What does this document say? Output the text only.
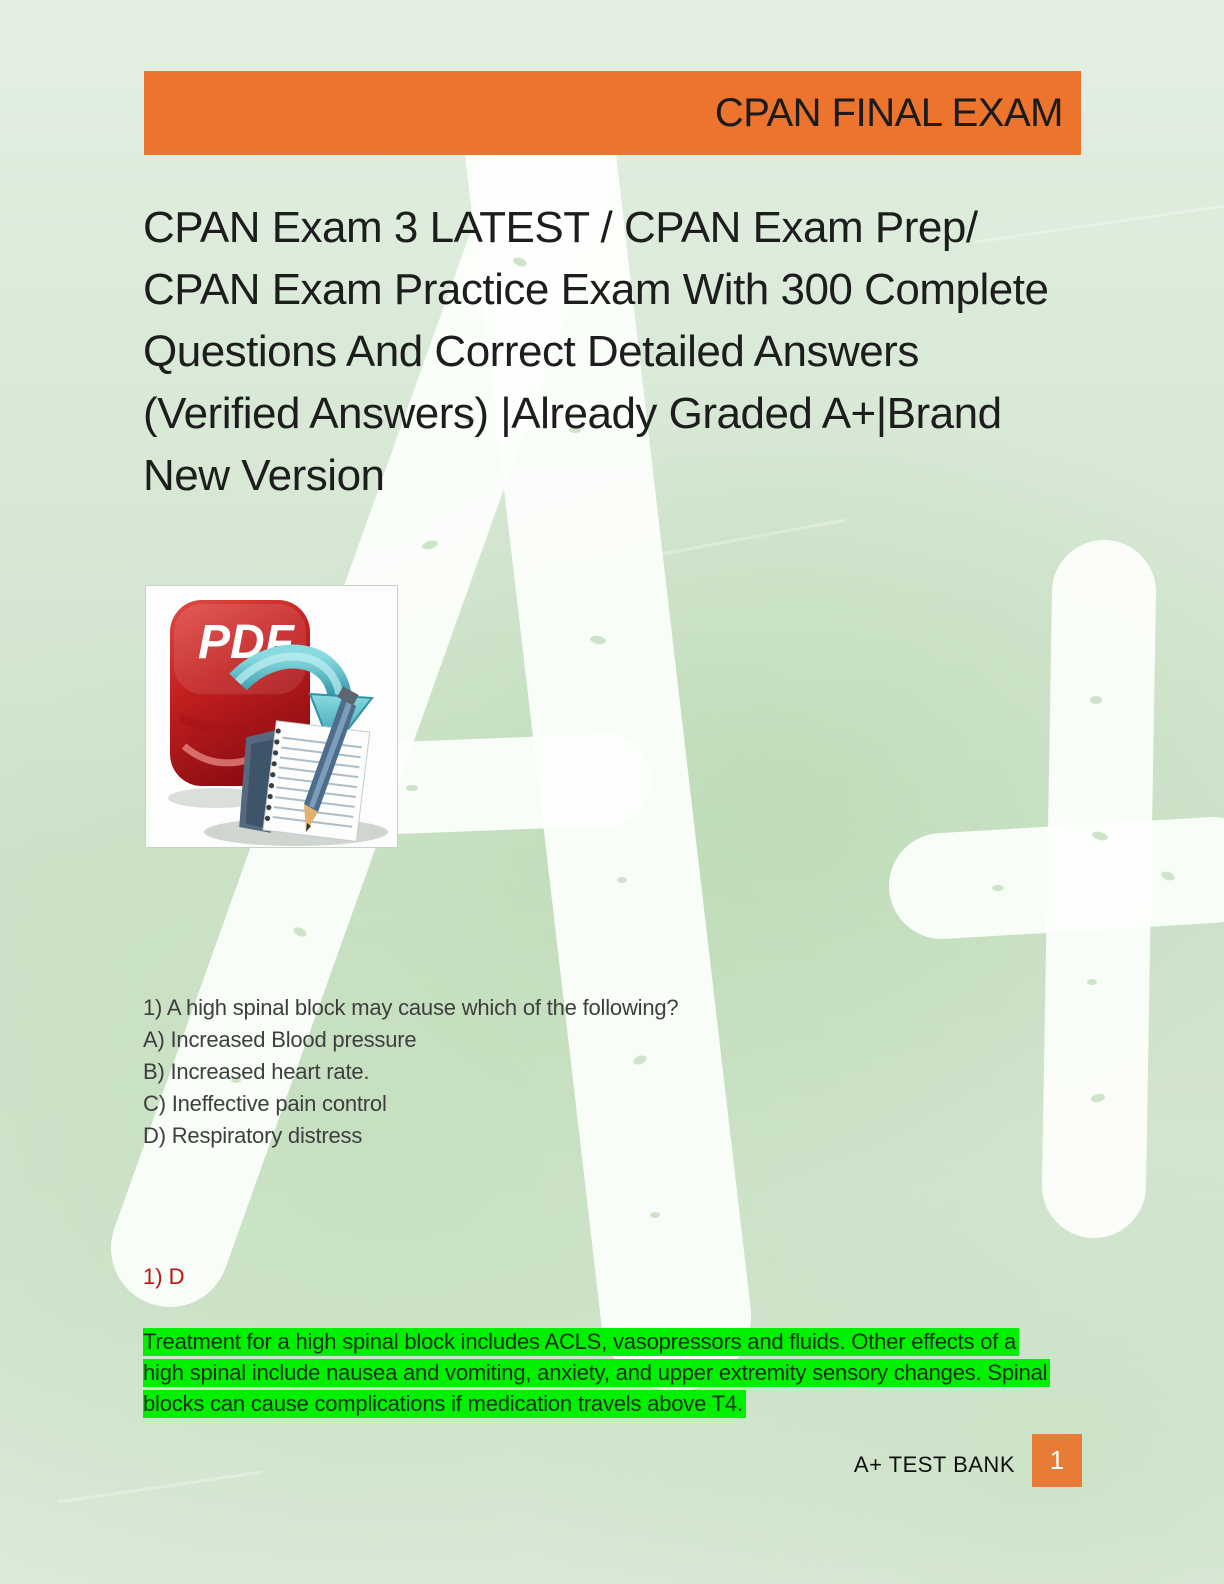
CPAN FINAL EXAM
CPAN Exam 3 LATEST / CPAN Exam Prep/
CPAN Exam Practice Exam With 300 Complete
Questions And Correct Detailed Answers
(Verified Answers) |Already Graded A+|Brand
New Version
PDF
1) A high spinal block may cause which of the following?
A) Increased Blood pressure
B) Increased heart rate.
C) Ineffective pain control
D) Respiratory distress
1) D
Treatment for a high spinal block includes ACLS, vasopressors and fluids. Other effects of a
high spinal include nausea and vomiting, anxiety, and upper extremity sensory changes. Spinal
blocks can cause complications if medication travels above T4.
A+ TEST BANK	1
